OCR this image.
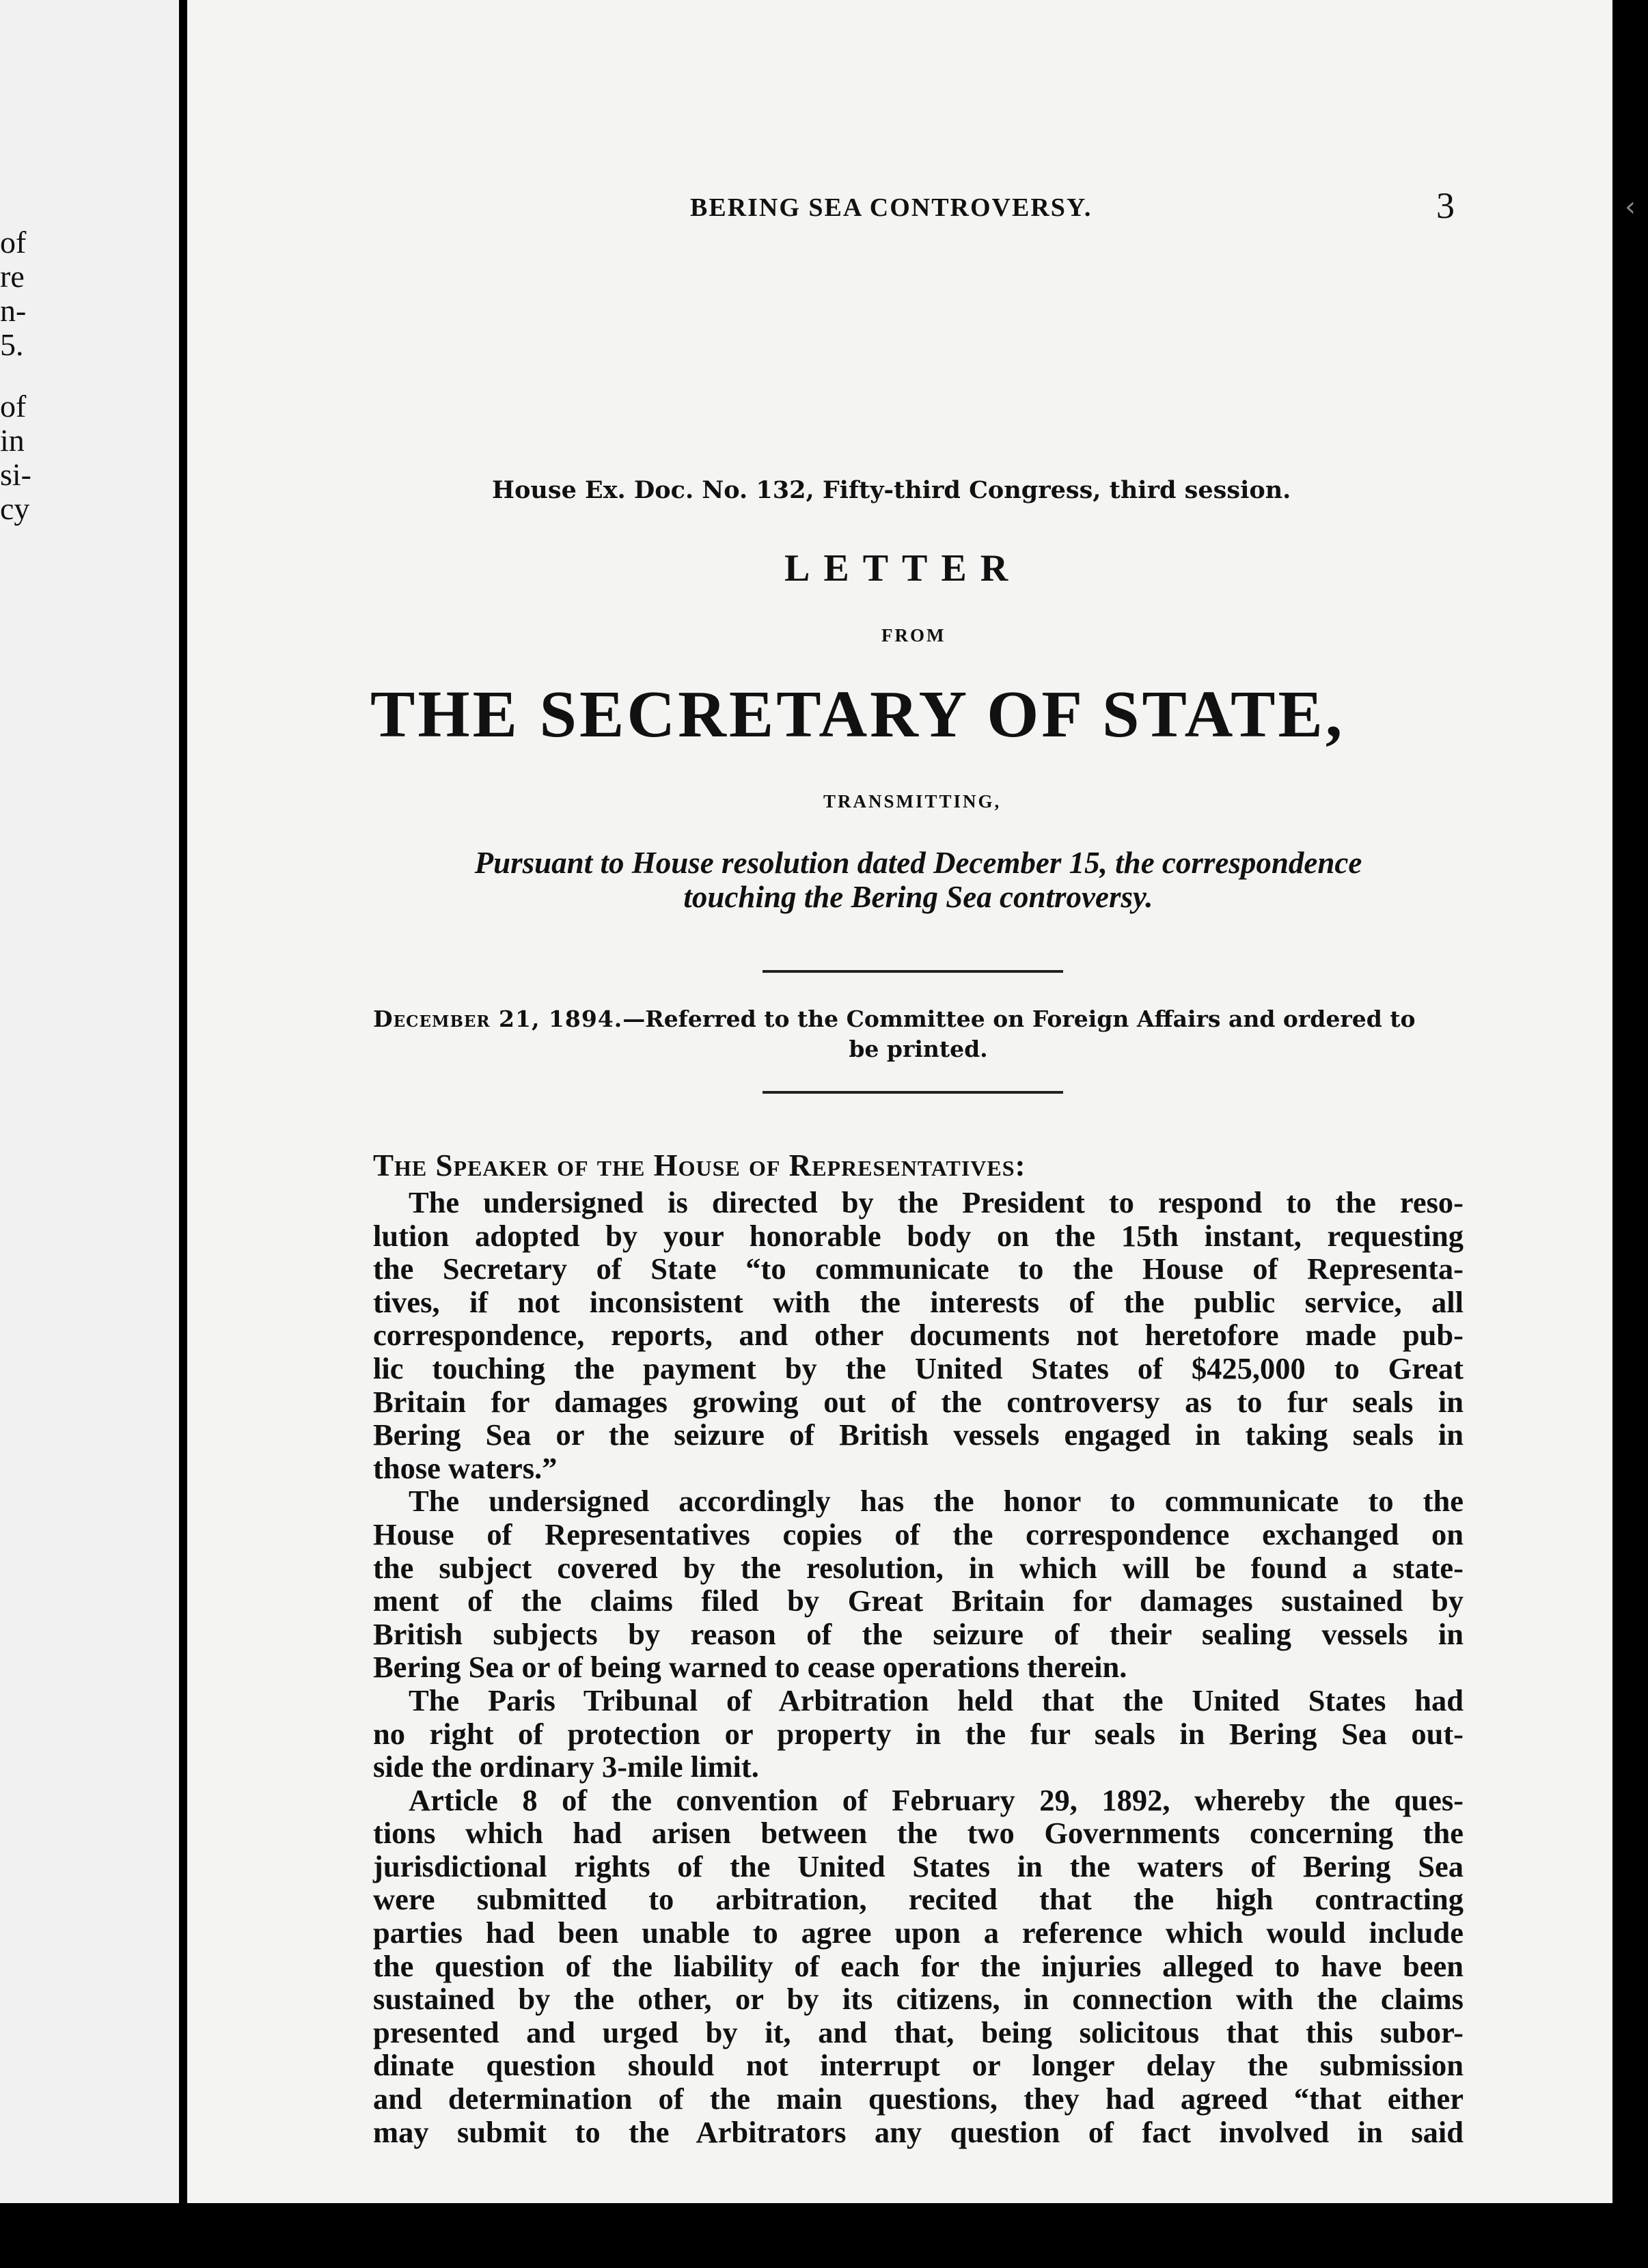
of
re
n-
5.
of
in
si-
cy
‹
BERING SEA CONTROVERSY.	3
House Ex. Doc. No. 132, Fifty-third Congress, third session.
LETTER
FROM
THE SECRETARY OF STATE,
TRANSMITTING,
Pursuant to House resolution dated December 15, the correspondence
touching the Bering Sea controversy.
December 21, 1894.—Referred to the Committee on Foreign Affairs and ordered to
be printed.
The Speaker of the House of Representatives:
The undersigned is directed by the President to respond to the reso-
lution adopted by your honorable body on the 15th instant, requesting
the Secretary of State “to communicate to the House of Representa-
tives, if not inconsistent with the interests of the public service, all
correspondence, reports, and other documents not heretofore made pub-
lic touching the payment by the United States of $425,000 to Great
Britain for damages growing out of the controversy as to fur seals in
Bering Sea or the seizure of British vessels engaged in taking seals in
those waters.”
The undersigned accordingly has the honor to communicate to the
House of Representatives copies of the correspondence exchanged on
the subject covered by the resolution, in which will be found a state-
ment of the claims filed by Great Britain for damages sustained by
British subjects by reason of the seizure of their sealing vessels in
Bering Sea or of being warned to cease operations therein.
The Paris Tribunal of Arbitration held that the United States had
no right of protection or property in the fur seals in Bering Sea out-
side the ordinary 3-mile limit.
Article 8 of the convention of February 29, 1892, whereby the ques-
tions which had arisen between the two Governments concerning the
jurisdictional rights of the United States in the waters of Bering Sea
were submitted to arbitration, recited that the high contracting
parties had been unable to agree upon a reference which would include
the question of the liability of each for the injuries alleged to have been
sustained by the other, or by its citizens, in connection with the claims
presented and urged by it, and that, being solicitous that this subor-
dinate question should not interrupt or longer delay the submission
and determination of the main questions, they had agreed “that either
may submit to the Arbitrators any question of fact involved in said
